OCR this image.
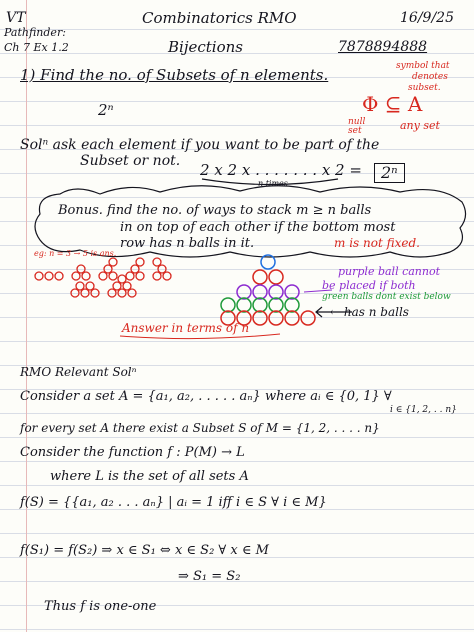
VT
Pathfinder:
Ch 7 Ex 1.2
Combinatorics RMO	16/9/25
Bijections	7878894888
1) Find the no. of Subsets of n elements.	symbol that
denotes
subset.
2ⁿ	Φ ⊆ A
null
set	any set
Solⁿ ask each element if you want to be part of the
Subset or not. 2 x 2 x . . . . . . . x 2 =
n times
2ⁿ
Bonus. find the no. of ways to stack m ≥ n balls
in on top of each other if the bottom most
row has n balls in it.	m is not fixed.
eg: n = 3 → 5 is ans.
purple ball cannot
be placed if both
green balls dont exist below
← has n balls
Answer in terms of n
RMO Relevant Solⁿ
Consider a set A = {a₁, a₂, . . . . . aₙ} where aᵢ ∈ {0, 1} ∀
i ∈ {1, 2, . . n}
for every set A there exist a Subset S of M = {1, 2, . . . . n}
Consider the function f : P(M) → L
where L is the set of all sets A
f(S) = {{a₁, a₂ . . . aₙ} | aᵢ = 1 iff i ∈ S ∀ i ∈ M}
f(S₁) = f(S₂) ⇒ x ∈ S₁ ⇔ x ∈ S₂ ∀ x ∈ M
⇒ S₁ = S₂
Thus f is one-one
